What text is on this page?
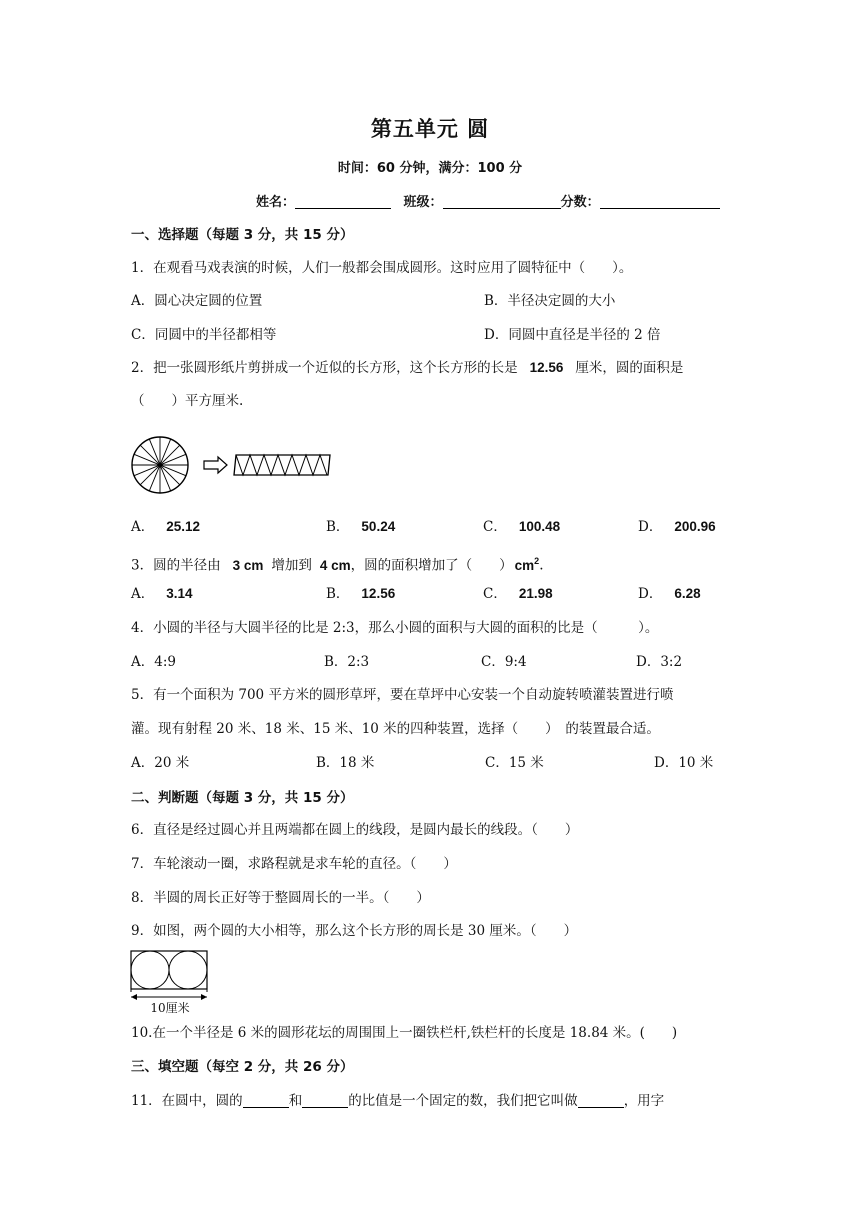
第五单元 圆
时间：60 分钟，满分：100 分
姓名：	班级：	分数：
一、选择题（每题 3 分，共 15 分）
1．在观看马戏表演的时候，人们一般都会围成圆形。这时应用了圆特征中（　　）。
A．圆心决定圆的位置	B．半径决定圆的大小
C．同圆中的半径都相等	D．同圆中直径是半径的 2 倍
2．把一张圆形纸片剪拼成一个近似的长方形，这个长方形的长是 12.56 厘米，圆的面积是
（　　）平方厘米.
A． 25.12	B． 50.24	C． 100.48	D． 200.96
3．圆的半径由 3 cm 增加到 4 cm，圆的面积增加了（　　） $cm^2$.
A． 3.14	B． 12.56	C． 21.98	D． 6.28
4．小圆的半径与大圆半径的比是 2:3，那么小圆的面积与大圆的面积的比是（　　　）。
A．4:9	B．2:3	C．9:4	D．3:2
5．有一个面积为 700 平方米的圆形草坪，要在草坪中心安装一个自动旋转喷灌装置进行喷
灌。现有射程 20 米、18 米、15 米、10 米的四种装置，选择（　　）　的装置最合适。
A．20 米	B．18 米	C．15 米	D．10 米
二、判断题（每题 3 分，共 15 分）
6．直径是经过圆心并且两端都在圆上的线段，是圆内最长的线段。（　　）
7．车轮滚动一圈，求路程就是求车轮的直径。（　　）
8．半圆的周长正好等于整圆周长的一半。（　　）
9．如图，两个圆的大小相等，那么这个长方形的周长是 30 厘米。（　　）
10厘米
10.在一个半径是 6 米的圆形花坛的周围围上一圈铁栏杆,铁栏杆的长度是 18.84 米。(　　)
三、填空题（每空 2 分，共 26 分）
11．在圆中，圆的	和	的比值是一个固定的数，我们把它叫做	，用字
